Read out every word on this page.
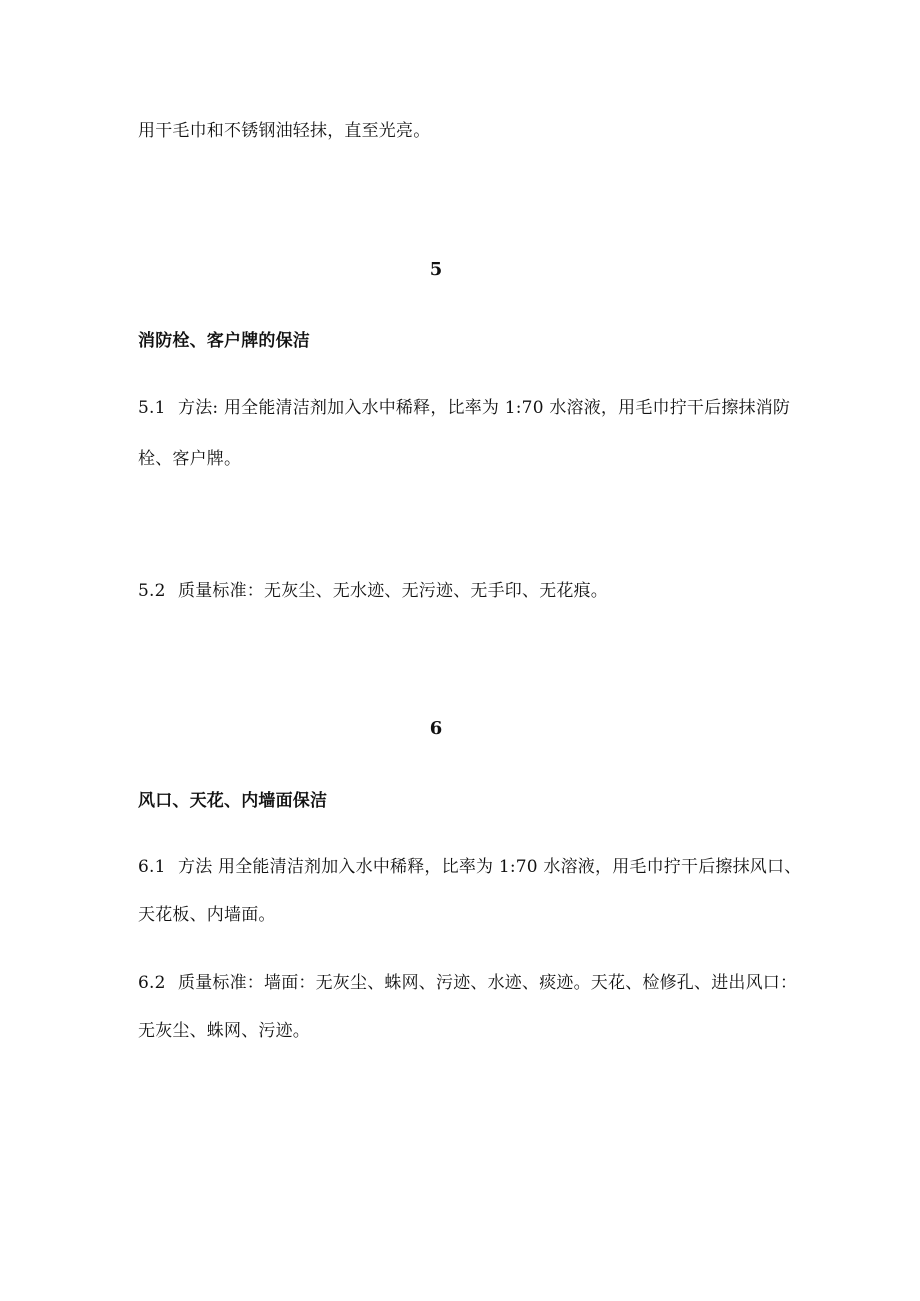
用干毛巾和不锈钢油轻抹，直至光亮。
5
消防栓、客户牌的保洁
5.1 方法: 用全能清洁剂加入水中稀释，比率为 1:70 水溶液，用毛巾拧干后擦抹消防
栓、客户牌。
5.2 质量标准：无灰尘、无水迹、无污迹、无手印、无花痕。
6
风口、天花、内墙面保洁
6.1 方法 用全能清洁剂加入水中稀释，比率为 1:70 水溶液，用毛巾拧干后擦抹风口、
天花板、内墙面。
6.2 质量标准：墙面：无灰尘、蛛网、污迹、水迹、痰迹。天花、检修孔、进出风口：
无灰尘、蛛网、污迹。
